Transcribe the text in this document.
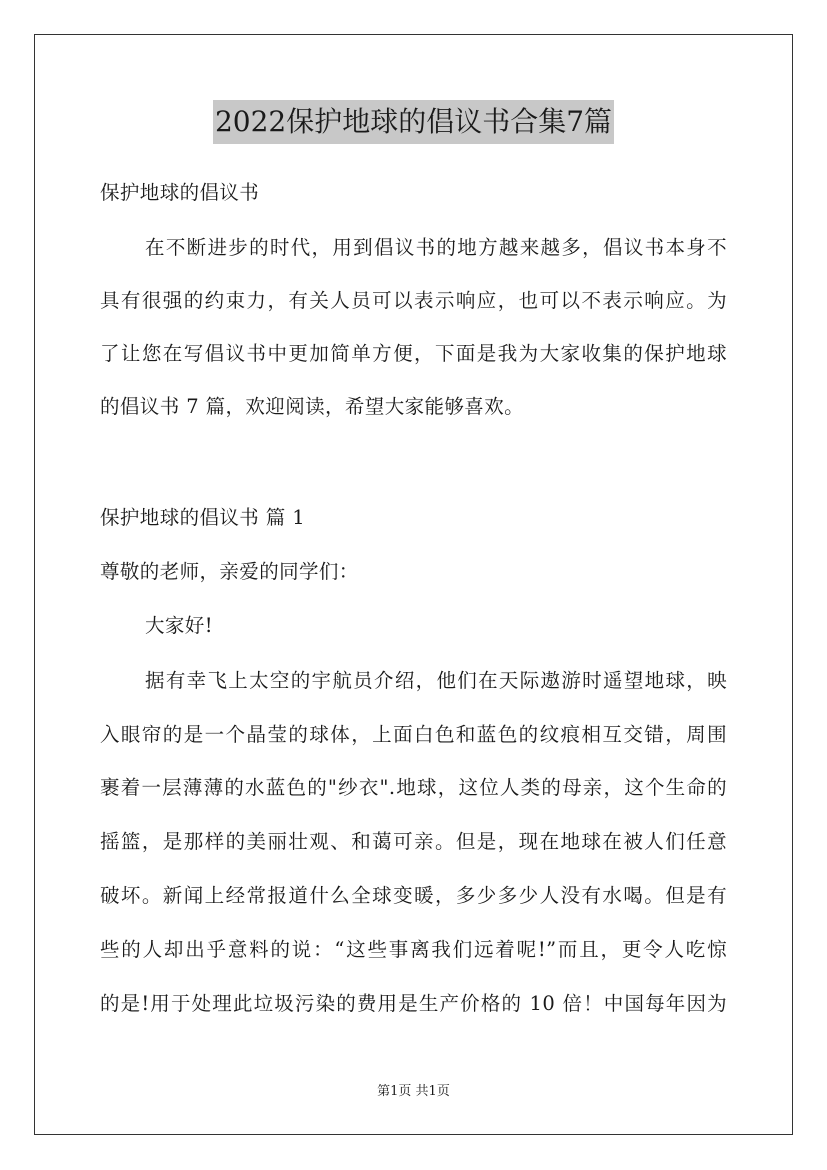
2022保护地球的倡议书合集7篇
保护地球的倡议书
在不断进步的时代，用到倡议书的地方越来越多，倡议书本身不
具有很强的约束力，有关人员可以表示响应，也可以不表示响应。为
了让您在写倡议书中更加简单方便，下面是我为大家收集的保护地球
的倡议书 7 篇，欢迎阅读，希望大家能够喜欢。
保护地球的倡议书 篇 1
尊敬的老师，亲爱的同学们：
大家好!
据有幸飞上太空的宇航员介绍，他们在天际遨游时遥望地球，映
入眼帘的是一个晶莹的球体，上面白色和蓝色的纹痕相互交错，周围
裹着一层薄薄的水蓝色的"纱衣".地球，这位人类的母亲，这个生命的
摇篮，是那样的美丽壮观、和蔼可亲。但是，现在地球在被人们任意
破坏。新闻上经常报道什么全球变暖，多少多少人没有水喝。但是有
些的人却出乎意料的说：“这些事离我们远着呢!”而且，更令人吃惊
的是!用于处理此垃圾污染的费用是生产价格的 10 倍！中国每年因为
第1页 共1页
